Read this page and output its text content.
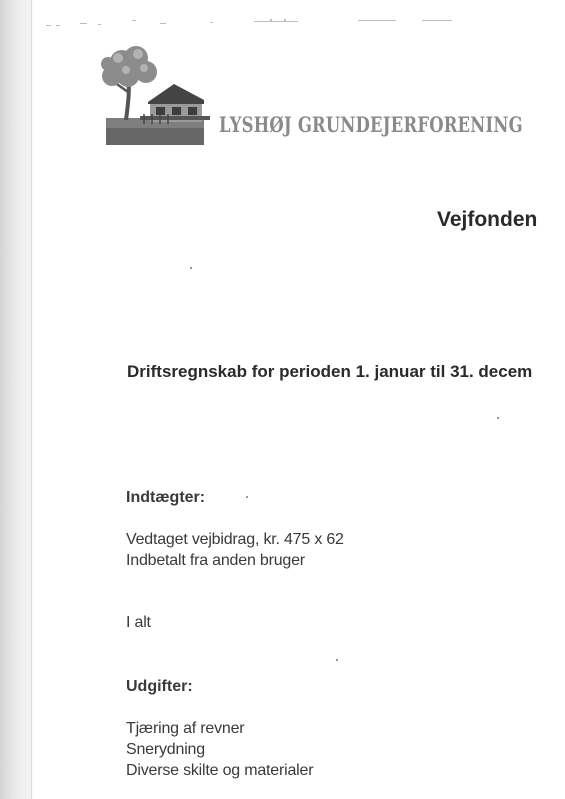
LYSHØJ GRUNDEJERFORENING
Vejfonden
Driftsregnskab for perioden 1. januar til 31. decem
Indtægter:
Vedtaget vejbidrag, kr. 475 x 62
Indbetalt fra anden bruger
I alt
Udgifter:
Tjæring af revner
Snerydning
Diverse skilte og materialer
